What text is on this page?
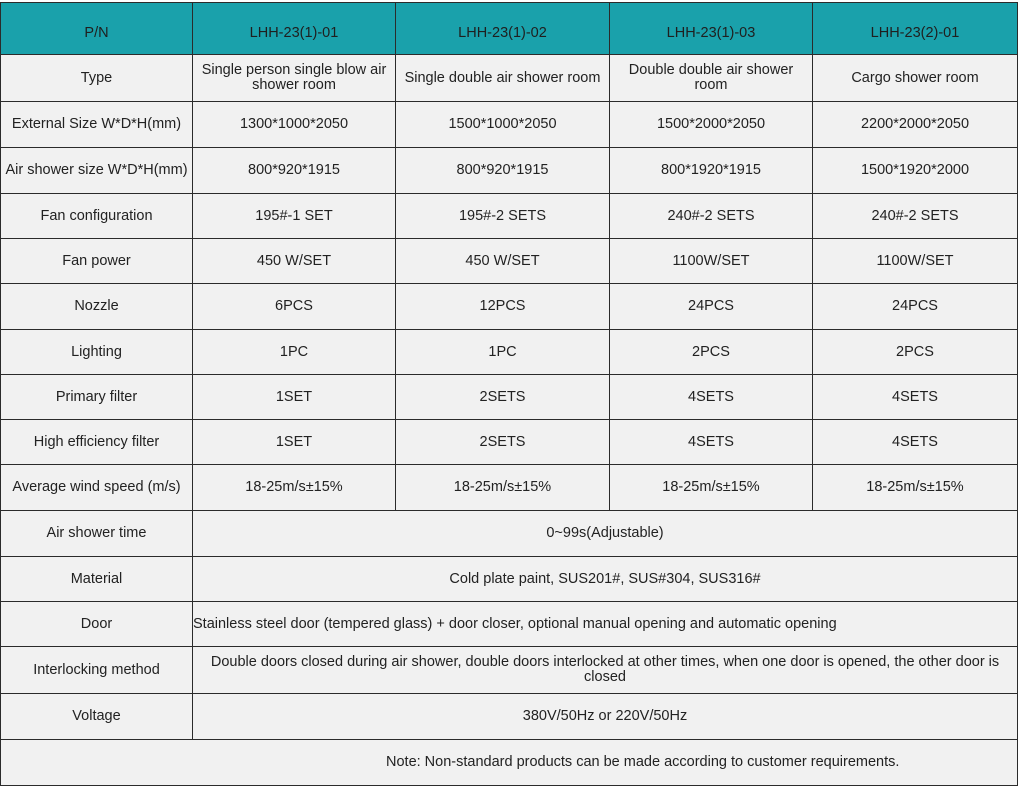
P/N	LHH-23(1)-01	LHH-23(1)-02	LHH-23(1)-03	LHH-23(2)-01
Type	Single person single blow air shower room	Single double air shower room	Double double air shower room	Cargo shower room
External Size W*D*H(mm)	1300*1000*2050	1500*1000*2050	1500*2000*2050	2200*2000*2050
Air shower size W*D*H(mm)	800*920*1915	800*920*1915	800*1920*1915	1500*1920*2000
Fan configuration	195#-1 SET	195#-2 SETS	240#-2 SETS	240#-2 SETS
Fan power	450 W/SET	450 W/SET	1100W/SET	1100W/SET
Nozzle	6PCS	12PCS	24PCS	24PCS
Lighting	1PC	1PC	2PCS	2PCS
Primary filter	1SET	2SETS	4SETS	4SETS
High efficiency filter	1SET	2SETS	4SETS	4SETS
Average wind speed (m/s)	18-25m/s±15%	18-25m/s±15%	18-25m/s±15%	18-25m/s±15%
Air shower time	0~99s(Adjustable)			
Material	Cold plate paint, SUS201#, SUS#304, SUS316#			
Door	Stainless steel door (tempered glass) + door closer, optional manual opening and automatic opening			
Interlocking method	Double doors closed during air shower, double doors interlocked at other times, when one door is opened, the other door is closed			
Voltage	380V/50Hz or 220V/50Hz			
Note: Non-standard products can be made according to customer requirements.				
